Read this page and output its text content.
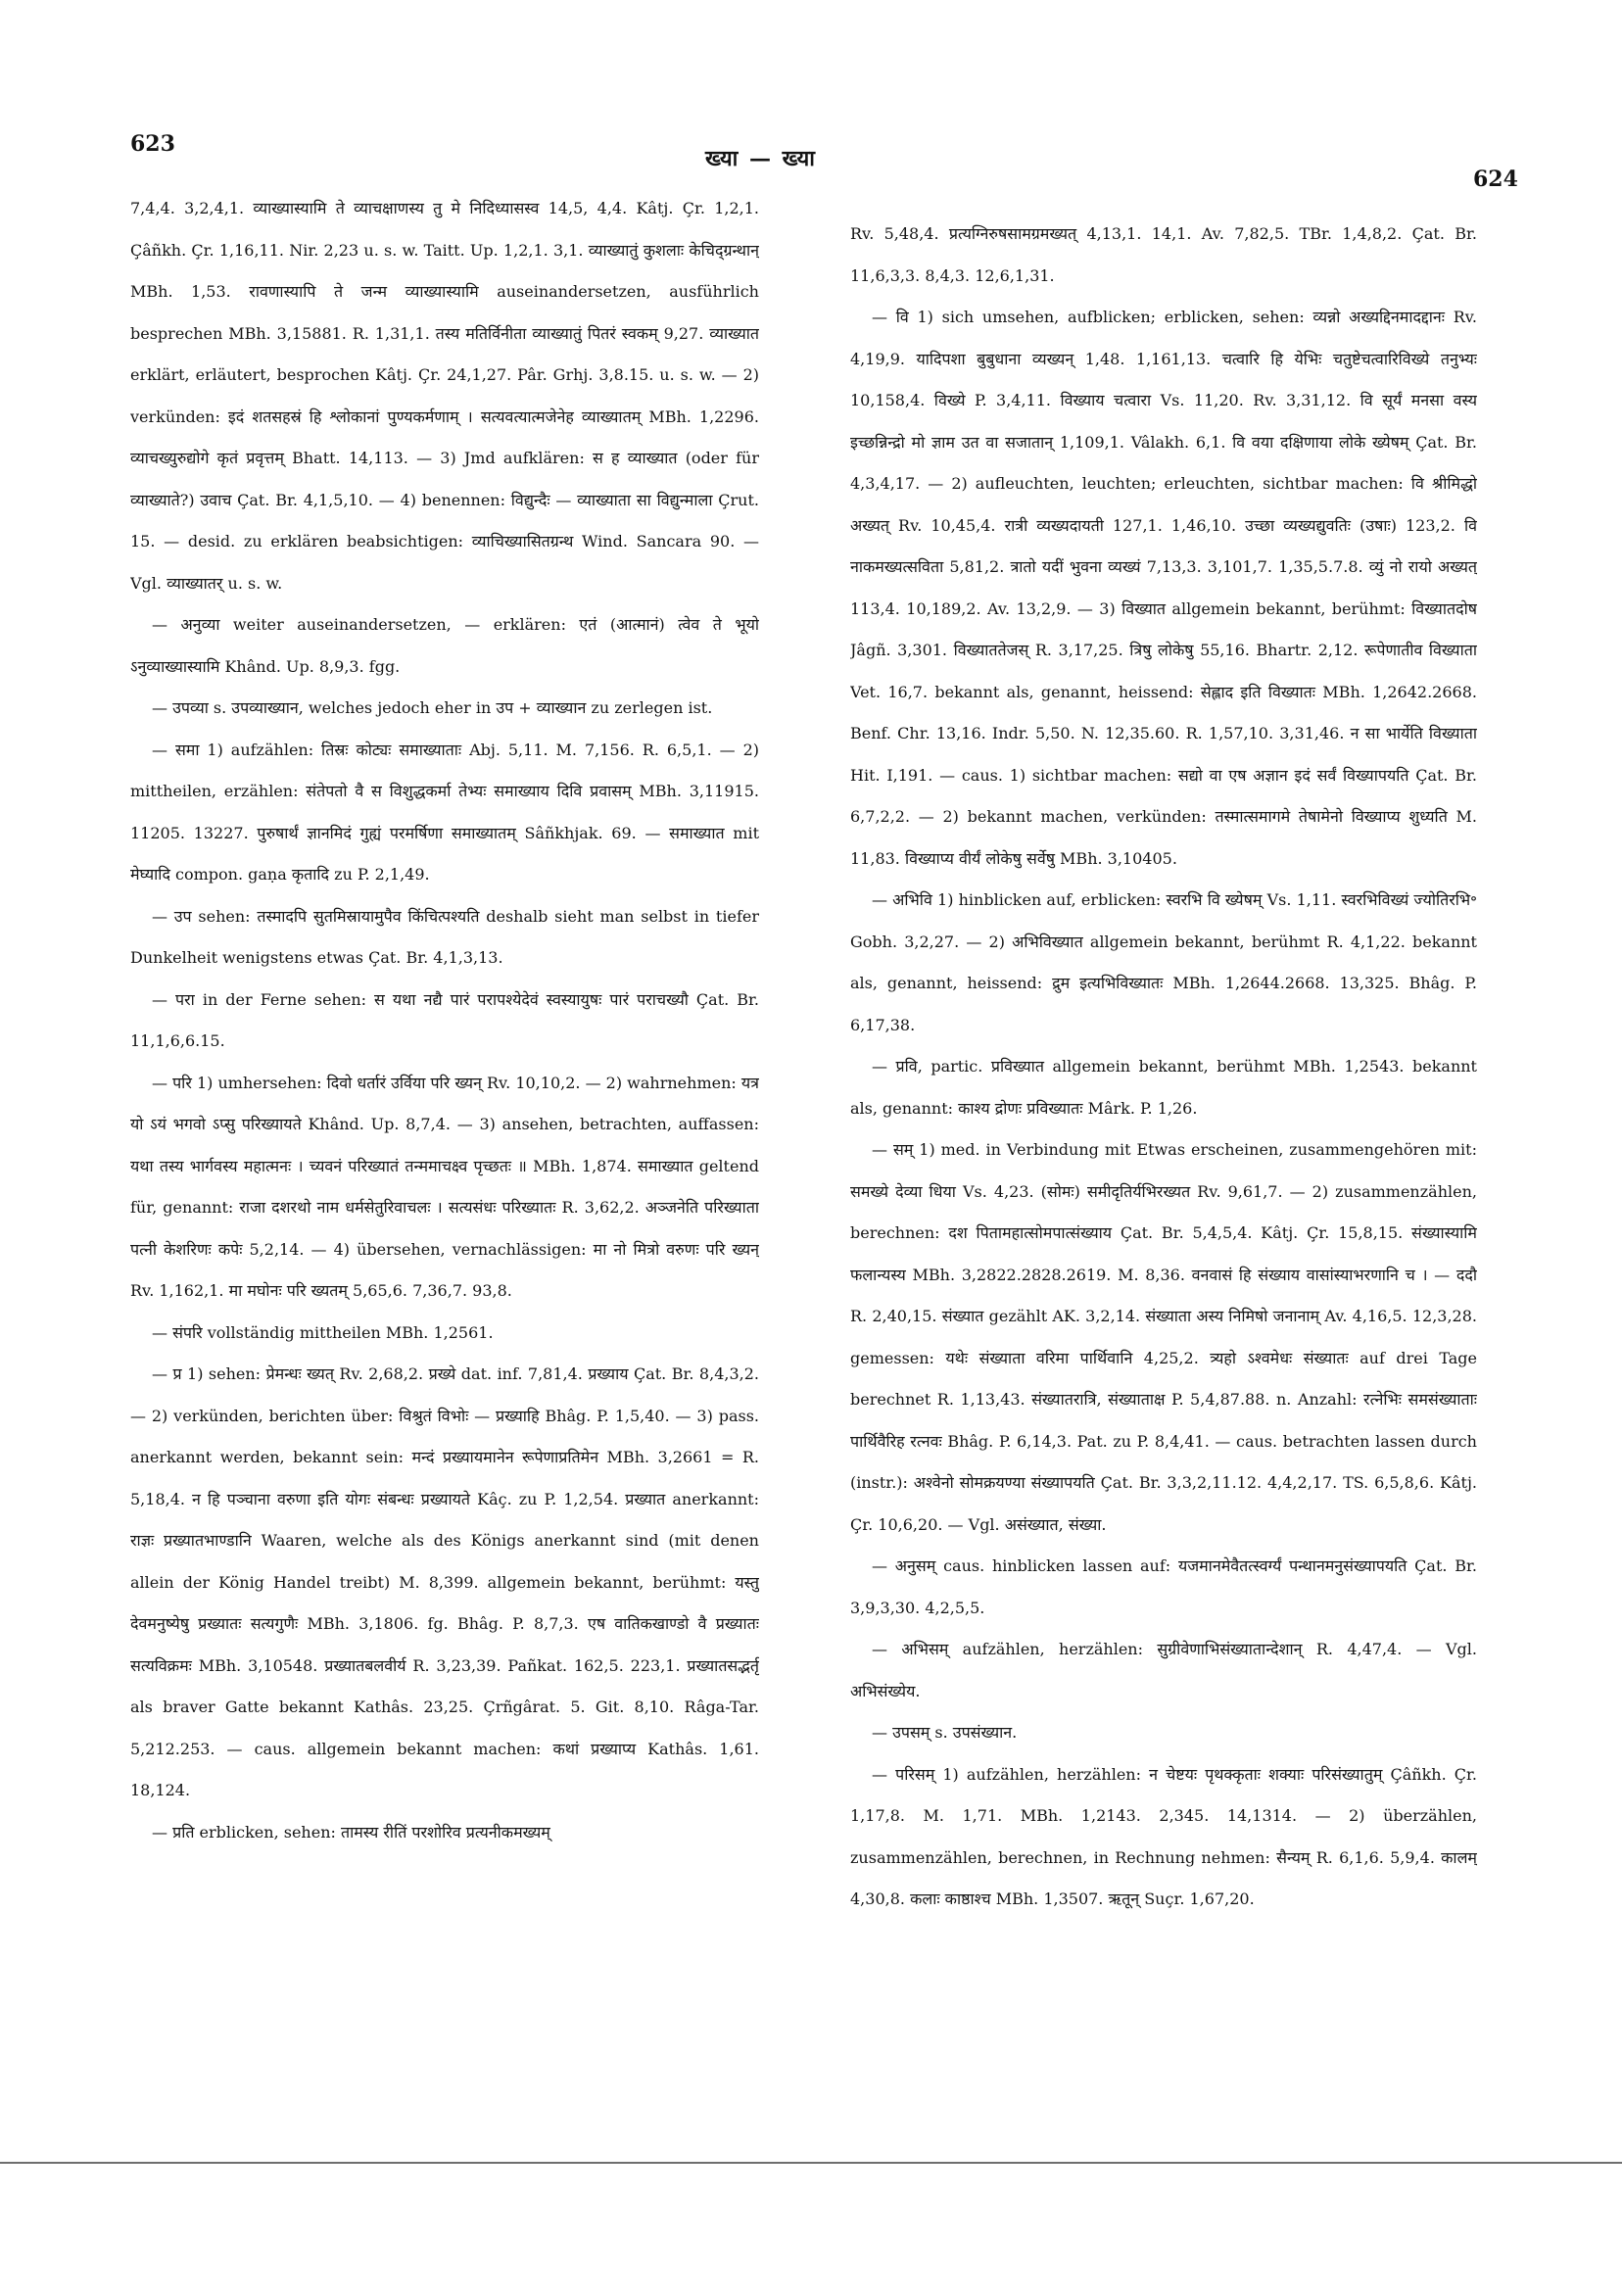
623
ख्या — ख्या
624

7,4,4. 3,2,4,1. व्याख्यास्यामि ते व्याचक्षाणस्य तु मे निदिध्यासस्व 14,5, 4,4. Kâtj. Çr. 1,2,1. Çâñkh. Çr. 1,16,11. Nir. 2,23 u. s. w. Taitt. Up. 1,2,1. 3,1. व्याख्यातुं कुशलाः केचिद्ग्रन्थान् MBh. 1,53. रावणास्यापि ते जन्म व्याख्यास्यामि auseinandersetzen, ausführlich besprechen MBh. 3,15881. R. 1,31,1. तस्य मतिर्विनीता व्याख्यातुं पितरं स्वकम् 9,27. व्याख्यात erklärt, erläutert, besprochen Kâtj. Çr. 24,1,27. Pâr. Grhj. 3,8.15. u. s. w. — 2) verkünden: इदं शतसहस्रं हि श्लोकानां पुण्यकर्मणाम् । सत्यवत्यात्मजेनेह व्याख्यातम् MBh. 1,2296. व्याचख्युरुद्योगे कृतं प्रवृत्तम् Bhatt. 14,113. — 3) Jmd aufklären: स ह व्याख्यात (oder für व्याख्याते?) उवाच Çat. Br. 4,1,5,10. — 4) benennen: विद्युन्दैः — व्याख्याता सा विद्युन्माला Çrut. 15. — desid. zu erklären beabsichtigen: व्याचिख्यासितग्रन्थ Wind. Sancara 90. — Vgl. व्याख्यातर् u. s. w.

— अनुव्या weiter auseinandersetzen, — erklären: एतं (आत्मानं) त्वेव ते भूयो ऽनुव्याख्यास्यामि Khând. Up. 8,9,3. fgg.

— उपव्या s. उपव्याख्यान, welches jedoch eher in उप + व्याख्यान zu zerlegen ist.

— समा 1) aufzählen: तिस्रः कोट्यः समाख्याताः Abj. 5,11. M. 7,156. R. 6,5,1. — 2) mittheilen, erzählen: संतेपतो वै स विशुद्धकर्मा तेभ्यः समाख्याय दिवि प्रवासम् MBh. 3,11915. 11205. 13227. पुरुषार्थं ज्ञानमिदं गुह्यं परमर्षिणा समाख्यातम् Sâñkhjak. 69. — समाख्यात mit मेघ्यादि compon. gaṇa कृतादि zu P. 2,1,49.

— उप sehen: तस्मादपि सुतमिस्रायामुपैव किंचित्पश्यति deshalb sieht man selbst in tiefer Dunkelheit wenigstens etwas Çat. Br. 4,1,3,13.

— परा in der Ferne sehen: स यथा नद्यै पारं परापश्येदेवं स्वस्यायुषः पारं पराचख्यौ Çat. Br. 11,1,6,6.15.

— परि 1) umhersehen: दिवो धर्तारं उर्विया परि ख्यन् Rv. 10,10,2. — 2) wahrnehmen: यत्र यो ऽयं भगवो ऽप्सु परिख्यायते Khând. Up. 8,7,4. — 3) ansehen, betrachten, auffassen: यथा तस्य भार्गवस्य महात्मनः । च्यवनं परिख्यातं तन्ममाचक्ष्व पृच्छतः ॥ MBh. 1,874. समाख्यात geltend für, genannt: राजा दशरथो नाम धर्मसेतुरिवाचलः । सत्यसंधः परिख्यातः R. 3,62,2. अञ्जनेति परिख्याता पत्नी केशरिणः कपेः 5,2,14. — 4) übersehen, vernachlässigen: मा नो मित्रो वरुणः परि ख्यन् Rv. 1,162,1. मा मघोनः परि ख्यतम् 5,65,6. 7,36,7. 93,8.

— संपरि vollständig mittheilen MBh. 1,2561.

— प्र 1) sehen: प्रेमन्धः ख्यत् Rv. 2,68,2. प्रख्ये dat. inf. 7,81,4. प्रख्याय Çat. Br. 8,4,3,2. — 2) verkünden, berichten über: विश्रुतं विभोः — प्रख्याहि Bhâg. P. 1,5,40. — 3) pass. anerkannt werden, bekannt sein: मन्दं प्रख्यायमानेन रूपेणाप्रतिमेन MBh. 3,2661 = R. 5,18,4. न हि पञ्चाना वरुणा इति योगः संबन्धः प्रख्यायते Kâç. zu P. 1,2,54. प्रख्यात anerkannt: राज्ञः प्रख्यातभाण्डानि Waaren, welche als des Königs anerkannt sind (mit denen allein der König Handel treibt) M. 8,399. allgemein bekannt, berühmt: यस्तु देवमनुष्येषु प्रख्यातः सत्यगुणैः MBh. 3,1806. fg. Bhâg. P. 8,7,3. एष वातिकखाण्डो वै प्रख्यातः सत्यविक्रमः MBh. 3,10548. प्रख्यातबलवीर्य R. 3,23,39. Pañkat. 162,5. 223,1. प्रख्यातसद्भर्तृ als braver Gatte bekannt Kathâs. 23,25. Çrñgârat. 5. Git. 8,10. Râga-Tar. 5,212.253. — caus. allgemein bekannt machen: कथां प्रख्याप्य Kathâs. 1,61. 18,124.

— प्रति erblicken, sehen: तामस्य रीतिं परशोरिव प्रत्यनीकमख्यम्

Rv. 5,48,4. प्रत्यग्निरुषसामग्रमख्यत् 4,13,1. 14,1. Av. 7,82,5. TBr. 1,4,8,2. Çat. Br. 11,6,3,3. 8,4,3. 12,6,1,31.

— वि 1) sich umsehen, aufblicken; erblicken, sehen: व्यन्नो अख्यद्दिनमादद्दानः Rv. 4,19,9. यादिपशा बुबुधाना व्यख्यन् 1,48. 1,161,13. चत्वारि हि येभिः चतुष्टेचत्वारिविख्ये तनुभ्यः 10,158,4. विख्ये P. 3,4,11. विख्याय चत्वारा Vs. 11,20. Rv. 3,31,12. वि सूर्यं मनसा वस्य इच्छन्निन्द्रो मो ज्ञाम उत वा सजातान् 1,109,1. Vâlakh. 6,1. वि वया दक्षिणाया लोके ख्येषम् Çat. Br. 4,3,4,17. — 2) aufleuchten, leuchten; erleuchten, sichtbar machen: वि श्रीमिद्धो अख्यत् Rv. 10,45,4. रात्री व्यख्यदायती 127,1. 1,46,10. उच्छा व्यख्यद्युवतिः (उषाः) 123,2. वि नाकमख्यत्सविता 5,81,2. त्रातो यदीं भुवना व्यख्यं 7,13,3. 3,101,7. 1,35,5.7.8. व्युं नो रायो अख्यत् 113,4. 10,189,2. Av. 13,2,9. — 3) विख्यात allgemein bekannt, berühmt: विख्यातदोष Jâgñ. 3,301. विख्याततेजस् R. 3,17,25. त्रिषु लोकेषु 55,16. Bhartr. 2,12. रूपेणातीव विख्याता Vet. 16,7. bekannt als, genannt, heissend: सेह्लाद इति विख्यातः MBh. 1,2642.2668. Benf. Chr. 13,16. Indr. 5,50. N. 12,35.60. R. 1,57,10. 3,31,46. न सा भार्येति विख्याता Hit. I,191. — caus. 1) sichtbar machen: सद्यो वा एष अज्ञान इदं सर्वं विख्यापयति Çat. Br. 6,7,2,2. — 2) bekannt machen, verkünden: तस्मात्समागमे तेषामेनो विख्याप्य शुध्यति M. 11,83. विख्याप्य वीर्यं लोकेषु सर्वेषु MBh. 3,10405.

— अभिवि 1) hinblicken auf, erblicken: स्वरभि वि ख्येषम् Vs. 1,11. स्वरभिविख्यं ज्योतिरभि॰ Gobh. 3,2,27. — 2) अभिविख्यात allgemein bekannt, berühmt R. 4,1,22. bekannt als, genannt, heissend: द्रुम इत्यभिविख्यातः MBh. 1,2644.2668. 13,325. Bhâg. P. 6,17,38.

— प्रवि, partic. प्रविख्यात allgemein bekannt, berühmt MBh. 1,2543. bekannt als, genannt: काश्य द्रोणः प्रविख्यातः Mârk. P. 1,26.

— सम् 1) med. in Verbindung mit Etwas erscheinen, zusammengehören mit: समख्ये देव्या धिया Vs. 4,23. (सोमः) समीदृतिर्यभिरख्यत Rv. 9,61,7. — 2) zusammenzählen, berechnen: दश पितामहात्सोमपात्संख्याय Çat. Br. 5,4,5,4. Kâtj. Çr. 15,8,15. संख्यास्यामि फलान्यस्य MBh. 3,2822.2828.2619. M. 8,36. वनवासं हि संख्याय वासांस्याभरणानि च । — ददौ R. 2,40,15. संख्यात gezählt AK. 3,2,14. संख्याता अस्य निमिषो जनानाम् Av. 4,16,5. 12,3,28. gemessen: यथेः संख्याता वरिमा पार्थिवानि 4,25,2. त्र्यहो ऽश्वमेधः संख्यातः auf drei Tage berechnet R. 1,13,43. संख्यातरात्रि, संख्याताक्ष P. 5,4,87.88. n. Anzahl: रत्नेभिः समसंख्याताः पार्थिवैरिह रत्नवः Bhâg. P. 6,14,3. Pat. zu P. 8,4,41. — caus. betrachten lassen durch (instr.): अश्वेनो सोमक्रयण्या संख्यापयति Çat. Br. 3,3,2,11.12. 4,4,2,17. TS. 6,5,8,6. Kâtj. Çr. 10,6,20. — Vgl. असंख्यात, संख्या.

— अनुसम् caus. hinblicken lassen auf: यजमानमेवैतत्स्वर्ग्यं पन्थानमनुसंख्यापयति Çat. Br. 3,9,3,30. 4,2,5,5.

— अभिसम् aufzählen, herzählen: सुग्रीवेणाभिसंख्यातान्देशान् R. 4,47,4. — Vgl. अभिसंख्येय.

— उपसम् s. उपसंख्यान.

— परिसम् 1) aufzählen, herzählen: न चेष्टयः पृथक्कृताः शक्याः परिसंख्यातुम् Çâñkh. Çr. 1,17,8. M. 1,71. MBh. 1,2143. 2,345. 14,1314. — 2) überzählen, zusammenzählen, berechnen, in Rechnung nehmen: सैन्यम् R. 6,1,6. 5,9,4. कालम् 4,30,8. कलाः काष्ठाश्च MBh. 1,3507. ऋतून् Suçr. 1,67,20.
